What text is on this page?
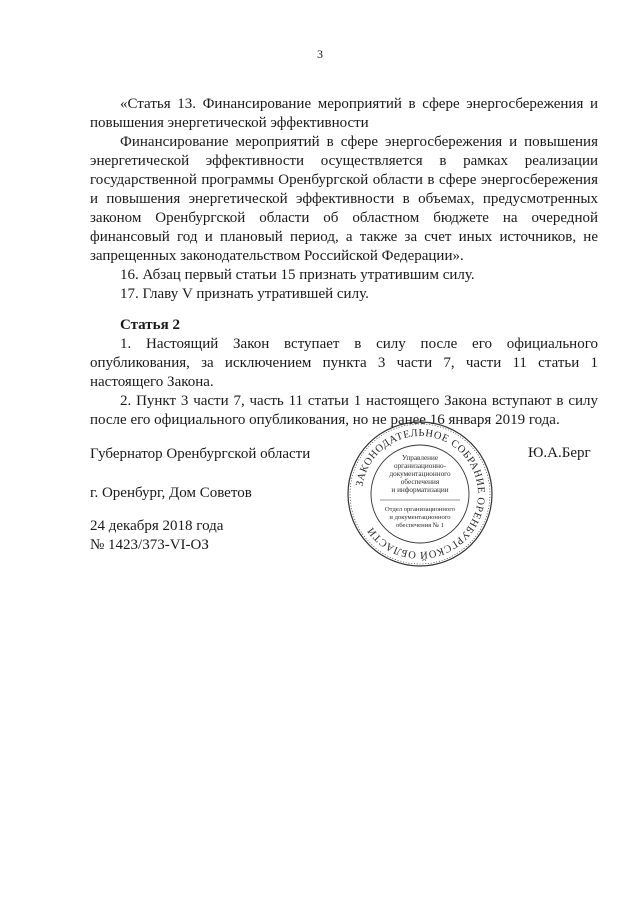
3

«Статья 13. Финансирование мероприятий в сфере энергосбережения и повышения энергетической эффективности

Финансирование мероприятий в сфере энергосбережения и повышения энергетической эффективности осуществляется в рамках реализации государственной программы Оренбургской области в сфере энергосбережения и повышения энергетической эффективности в объемах, предусмотренных законом Оренбургской области об областном бюджете на очередной финансовый год и плановый период, а также за счет иных источников, не запрещенных законодательством Российской Федерации».

16. Абзац первый статьи 15 признать утратившим силу.

17. Главу V признать утратившей силу.

Статья 2

1. Настоящий Закон вступает в силу после его официального опубликования, за исключением пункта 3 части 7, части 11 статьи 1 настоящего Закона.

2. Пункт 3 части 7, часть 11 статьи 1 настоящего Закона вступают в силу после его официального опубликования, но не ранее 16 января 2019 года.

Губернатор Оренбургской области	Ю.А.Берг
г. Оренбург, Дом Советов
24 декабря 2018 года
№ 1423/373-VI-ОЗ
ЗАКОНОДАТЕЛЬНОЕ СОБРАНИЕ ОРЕНБУРГСКОЙ ОБЛАСТИ
Управление
организационно-
документационного
обеспечения
и информатизации
Отдел организационного
и документационного
обеспечения № 1
